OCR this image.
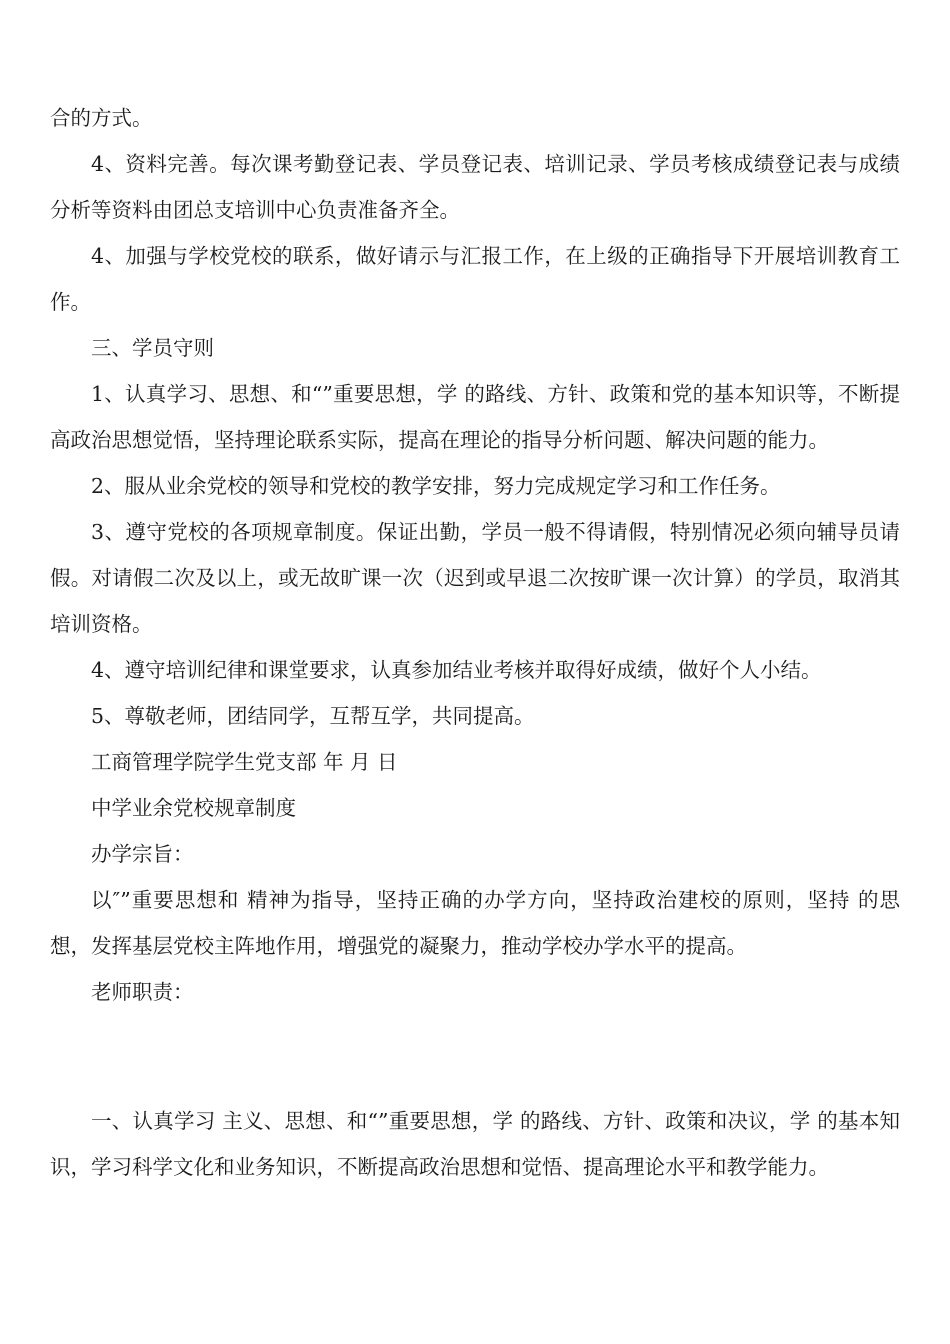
合的方式。

4、资料完善。每次课考勤登记表、学员登记表、培训记录、学员考核成绩登记表与成绩分析等资料由团总支培训中心负责准备齐全。

4、加强与学校党校的联系，做好请示与汇报工作，在上级的正确指导下开展培训教育工作。

三、学员守则

1、认真学习、思想、和“”重要思想，学 的路线、方针、政策和党的基本知识等，不断提高政治思想觉悟，坚持理论联系实际，提高在理论的指导分析问题、解决问题的能力。

2、服从业余党校的领导和党校的教学安排，努力完成规定学习和工作任务。

3、遵守党校的各项规章制度。保证出勤，学员一般不得请假，特别情况必须向辅导员请假。对请假二次及以上，或无故旷课一次（迟到或早退二次按旷课一次计算）的学员，取消其培训资格。

4、遵守培训纪律和课堂要求，认真参加结业考核并取得好成绩，做好个人小结。

5、尊敬老师，团结同学，互帮互学，共同提高。

工商管理学院学生党支部 年 月 日

中学业余党校规章制度

办学宗旨：

以″”重要思想和 精神为指导，坚持正确的办学方向，坚持政治建校的原则，坚持 的思想，发挥基层党校主阵地作用，增强党的凝聚力，推动学校办学水平的提高。

老师职责：

一、认真学习 主义、思想、和“”重要思想，学 的路线、方针、政策和决议，学 的基本知识，学习科学文化和业务知识，不断提高政治思想和觉悟、提高理论水平和教学能力。
